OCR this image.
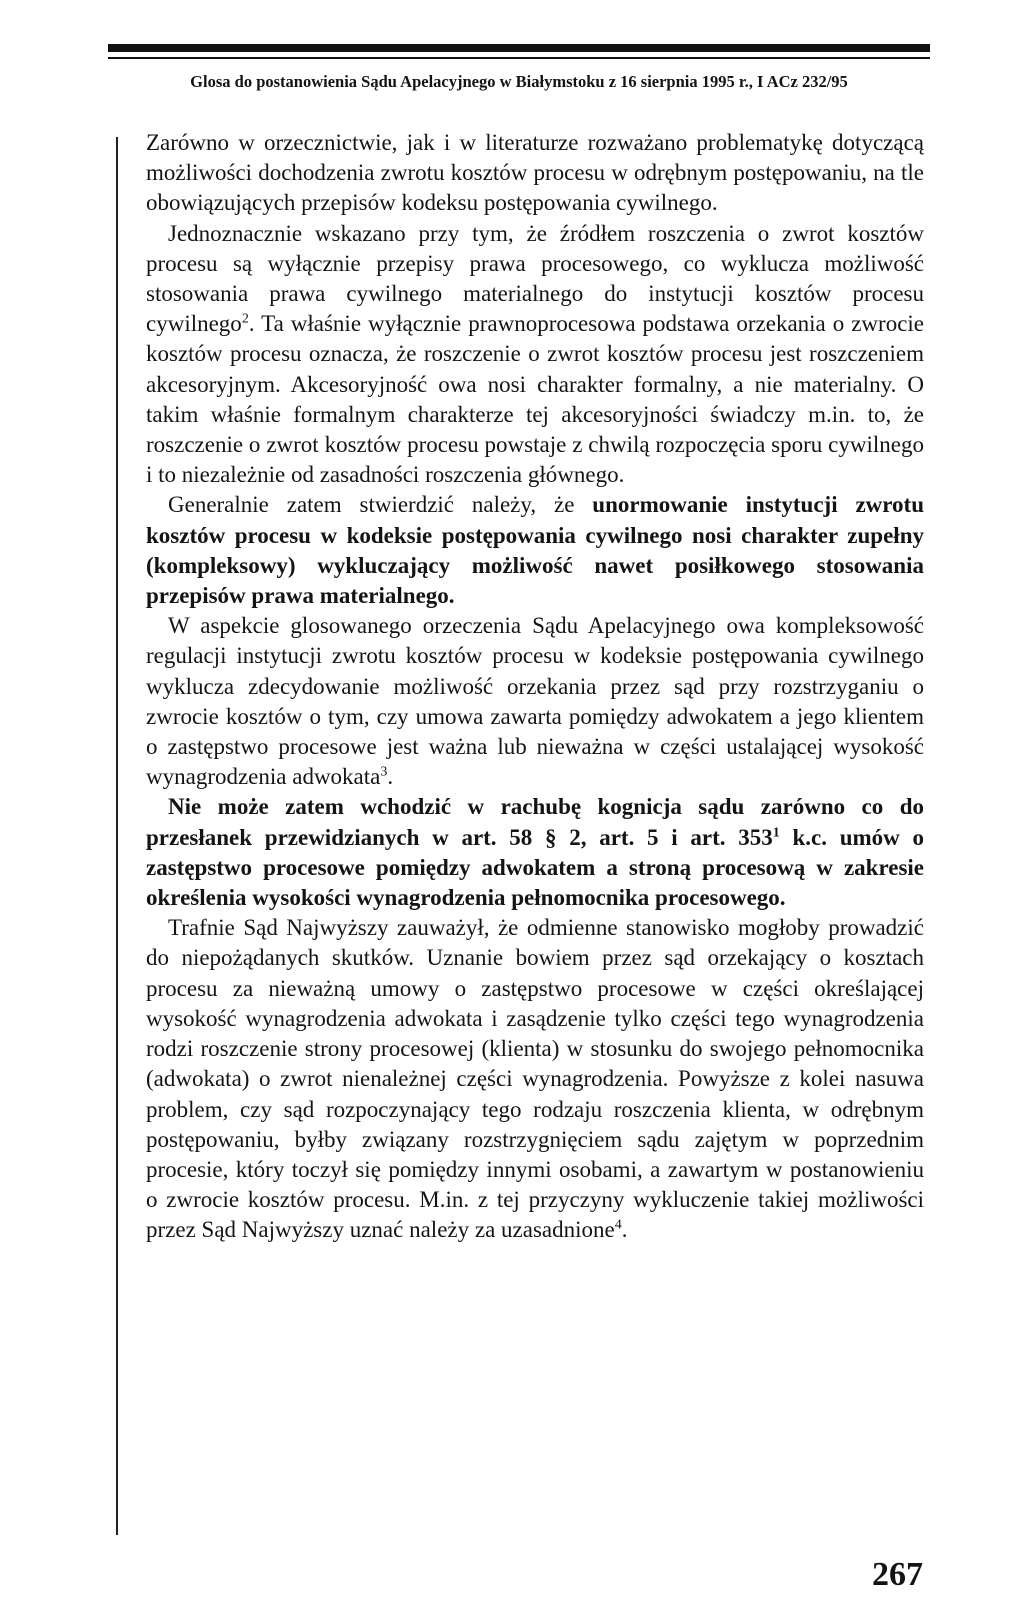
Glosa do postanowienia Sądu Apelacyjnego w Białymstoku z 16 sierpnia 1995 r., I ACz 232/95

Zarówno w orzecznictwie, jak i w literaturze rozważano problematykę dotyczącą możliwości dochodzenia zwrotu kosztów procesu w odrębnym postępowaniu, na tle obowiązujących przepisów kodeksu postępowania cywilnego.

Jednoznacznie wskazano przy tym, że źródłem roszczenia o zwrot kosztów procesu są wyłącznie przepisy prawa procesowego, co wyklucza możliwość stosowania prawa cywilnego materialnego do instytucji kosztów procesu cywilnego$^2$. Ta właśnie wyłącznie prawnoprocesowa podstawa orzekania o zwrocie kosztów procesu oznacza, że roszczenie o zwrot kosztów procesu jest roszczeniem akcesoryjnym. Akcesoryjność owa nosi charakter formalny, a nie materialny. O takim właśnie formalnym charakterze tej akcesoryjności świadczy m.in. to, że roszczenie o zwrot kosztów procesu powstaje z chwilą rozpoczęcia sporu cywilnego i to niezależnie od zasadności roszczenia głównego.

Generalnie zatem stwierdzić należy, że unormowanie instytucji zwrotu kosztów procesu w kodeksie postępowania cywilnego nosi charakter zupełny (kompleksowy) wykluczający możliwość nawet posiłkowego stosowania przepisów prawa materialnego.

W aspekcie glosowanego orzeczenia Sądu Apelacyjnego owa kompleksowość regulacji instytucji zwrotu kosztów procesu w kodeksie postępowania cywilnego wyklucza zdecydowanie możliwość orzekania przez sąd przy rozstrzyganiu o zwrocie kosztów o tym, czy umowa zawarta pomiędzy adwokatem a jego klientem o zastępstwo procesowe jest ważna lub nieważna w części ustalającej wysokość wynagrodzenia adwokata$^3$.

Nie może zatem wchodzić w rachubę kognicja sądu zarówno co do przesłanek przewidzianych w art. 58 § 2, art. 5 i art. $353^1$ k.c. umów o zastępstwo procesowe pomiędzy adwokatem a stroną procesową w zakresie określenia wysokości wynagrodzenia pełnomocnika procesowego.

Trafnie Sąd Najwyższy zauważył, że odmienne stanowisko mogłoby prowadzić do niepożądanych skutków. Uznanie bowiem przez sąd orzekający o kosztach procesu za nieważną umowy o zastępstwo procesowe w części określającej wysokość wynagrodzenia adwokata i zasądzenie tylko części tego wynagrodzenia rodzi roszczenie strony procesowej (klienta) w stosunku do swojego pełnomocnika (adwokata) o zwrot nienależnej części wynagrodzenia. Powyższe z kolei nasuwa problem, czy sąd rozpoczynający tego rodzaju roszczenia klienta, w odrębnym postępowaniu, byłby związany rozstrzygnięciem sądu zajętym w poprzednim procesie, który toczył się pomiędzy innymi osobami, a zawartym w postanowieniu o zwrocie kosztów procesu. M.in. z tej przyczyny wykluczenie takiej możliwości przez Sąd Najwyższy uznać należy za uzasadnione$^4$.

267
